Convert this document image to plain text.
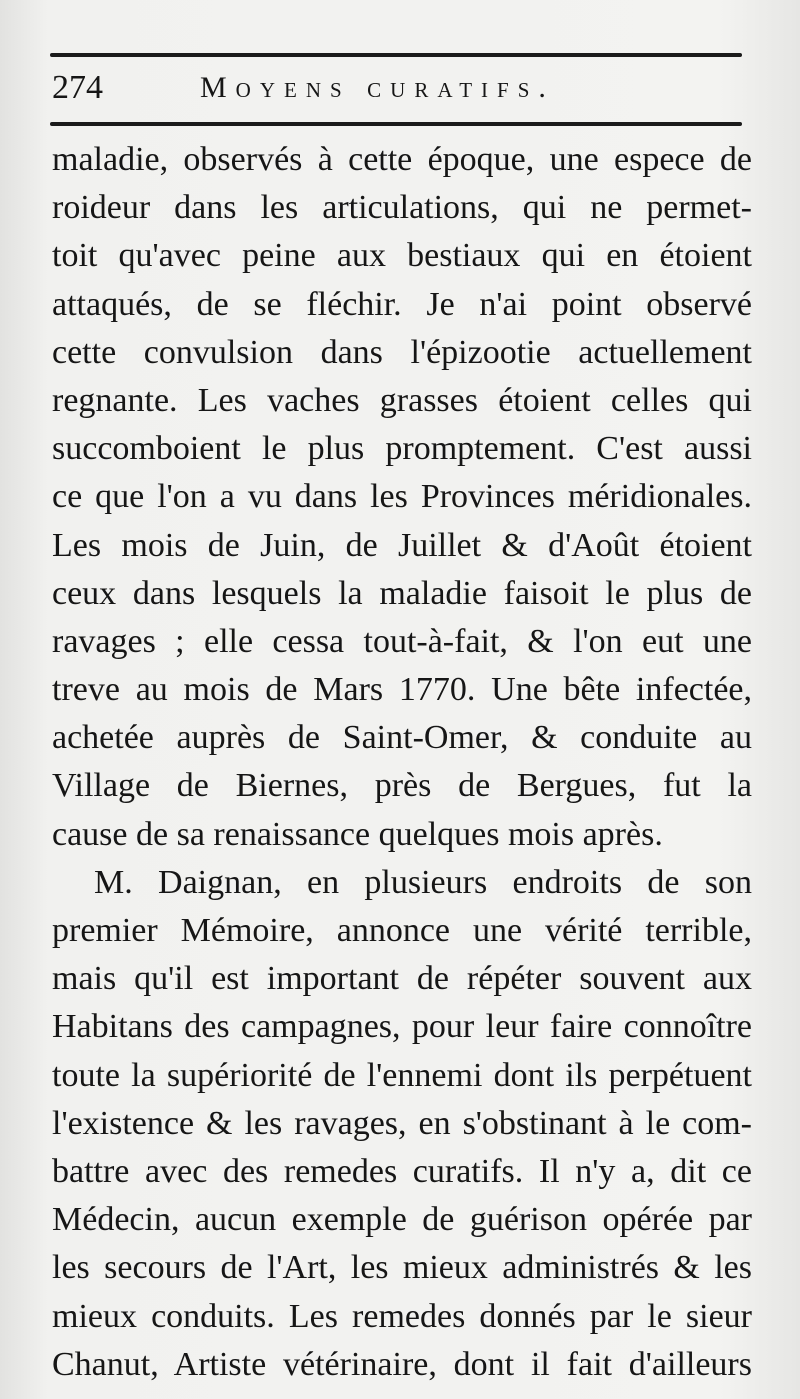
274	Moyens curatifs.
maladie, observés à cette époque, une espece de
roideur dans les articulations, qui ne permet-
toit qu'avec peine aux bestiaux qui en étoient
attaqués, de se fléchir. Je n'ai point observé
cette convulsion dans l'épizootie actuellement
regnante. Les vaches grasses étoient celles qui
succomboient le plus promptement. C'est aussi
ce que l'on a vu dans les Provinces méridionales.
Les mois de Juin, de Juillet & d'Août étoient
ceux dans lesquels la maladie faisoit le plus de
ravages ; elle cessa tout-à-fait, & l'on eut une
treve au mois de Mars 1770. Une bête infectée,
achetée auprès de Saint-Omer, & conduite au
Village de Biernes, près de Bergues, fut la
cause de sa renaissance quelques mois après.
M. Daignan, en plusieurs endroits de son
premier Mémoire, annonce une vérité terrible,
mais qu'il est important de répéter souvent aux
Habitans des campagnes, pour leur faire connoître
toute la supériorité de l'ennemi dont ils perpétuent
l'existence & les ravages, en s'obstinant à le com-
battre avec des remedes curatifs. Il n'y a, dit ce
Médecin, aucun exemple de guérison opérée par
les secours de l'Art, les mieux administrés & les
mieux conduits. Les remedes donnés par le sieur
Chanut, Artiste vétérinaire, dont il fait d'ailleurs
